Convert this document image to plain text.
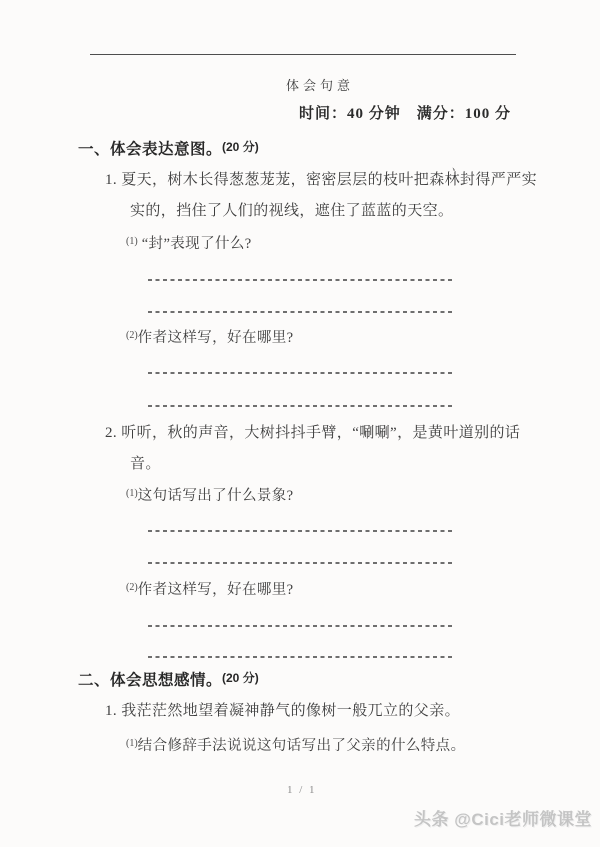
体会句意
时间：40 分钟　满分：100 分
一、体会表达意图。(20 分)
1. 夏天，树木长得葱葱茏茏，密密层层的枝叶把森林封得严严实
、
实的，挡住了人们的视线，遮住了蓝蓝的天空。
$^{(1)}$ “封”表现了什么?
$^{(2)}$作者这样写，好在哪里?
2. 听听，秋的声音，大树抖抖手臂，“唰唰”，是黄叶道别的话
音。
$^{(1)}$这句话写出了什么景象?
$^{(2)}$作者这样写，好在哪里?
二、体会思想感情。(20 分)
1. 我茫茫然地望着凝神静气的像树一般兀立的父亲。
$^{(1)}$结合修辞手法说说这句话写出了父亲的什么特点。
1 / 1
头条 @Cici老师微课堂
